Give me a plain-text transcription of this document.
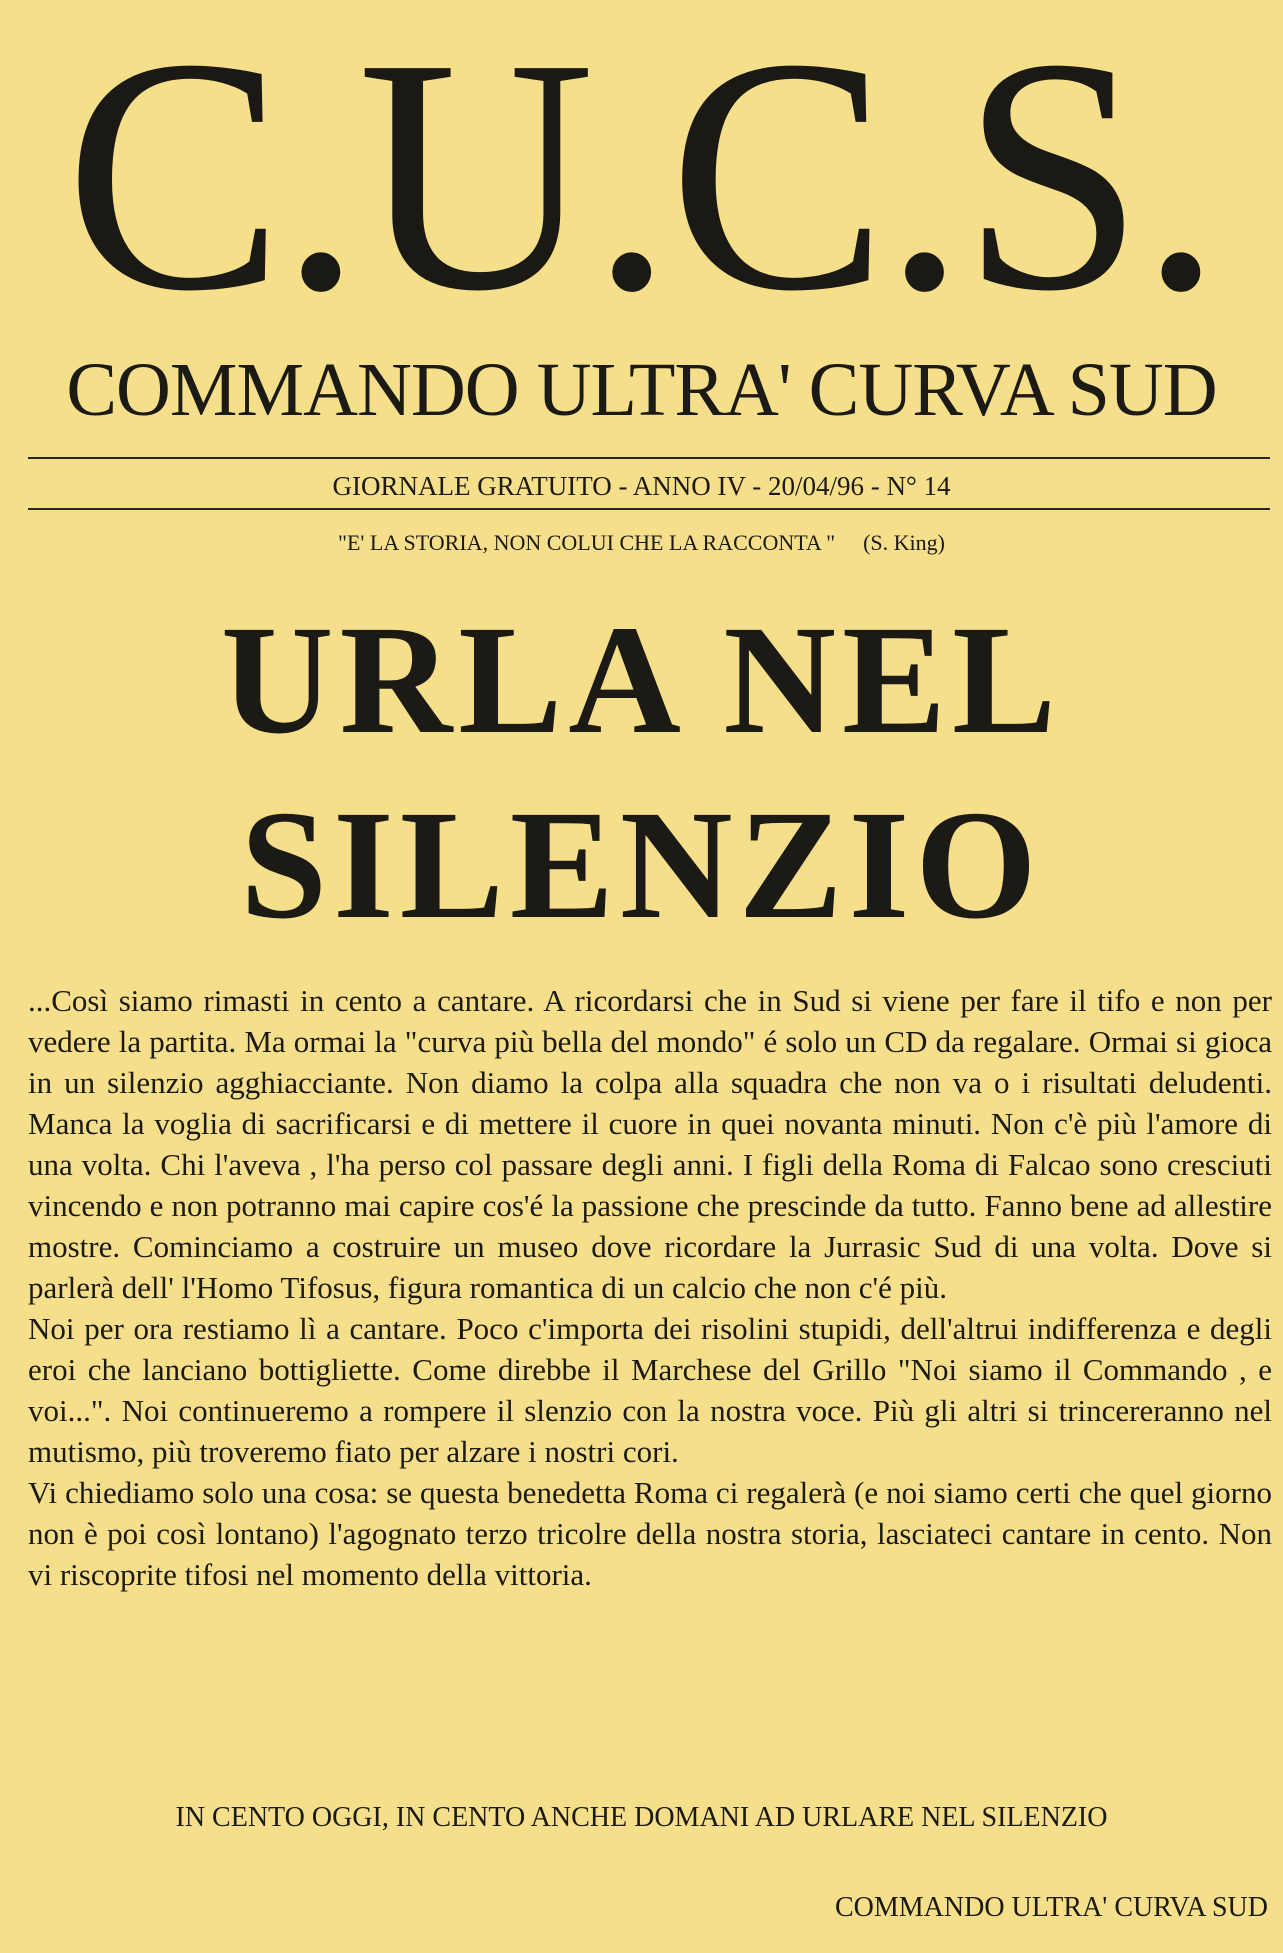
C.U.C.S.
COMMANDO ULTRA' CURVA SUD
GIORNALE GRATUITO - ANNO IV - 20/04/96 - N° 14
"E' LA STORIA, NON COLUI CHE LA RACCONTA " (S. King)
URLA NEL
SILENZIO

...Così siamo rimasti in cento a cantare. A ricordarsi che in Sud si viene per fare il tifo e non per vedere la partita. Ma ormai la "curva più bella del mondo" é solo un CD da regalare. Ormai si gioca in un silenzio agghiacciante. Non diamo la colpa alla squadra che non va o i risultati deludenti. Manca la voglia di sacrificarsi e di mettere il cuore in quei novanta minuti. Non c'è più l'amore di una volta. Chi l'aveva , l'ha perso col passare degli anni. I figli della Roma di Falcao sono cresciuti vincendo e non potranno mai capire cos'é la passione che prescinde da tutto. Fanno bene ad allestire mostre. Cominciamo a costruire un museo dove ricordare la Jurrasic Sud di una volta. Dove si parlerà dell' l'Homo Tifosus, figura romantica di un calcio che non c'é più.

Noi per ora restiamo lì a cantare. Poco c'importa dei risolini stupidi, dell'altrui indifferenza e degli eroi che lanciano bottigliette. Come direbbe il Marchese del Grillo "Noi siamo il Commando , e voi...". Noi continueremo a rompere il slenzio con la nostra voce. Più gli altri si trincereranno nel mutismo, più troveremo fiato per alzare i nostri cori.

Vi chiediamo solo una cosa: se questa benedetta Roma ci regalerà (e noi siamo certi che quel giorno non è poi così lontano) l'agognato terzo tricolre della nostra storia, lasciateci cantare in cento. Non vi riscoprite tifosi nel momento della vittoria.

IN CENTO OGGI, IN CENTO ANCHE DOMANI AD URLARE NEL SILENZIO
COMMANDO ULTRA' CURVA SUD
